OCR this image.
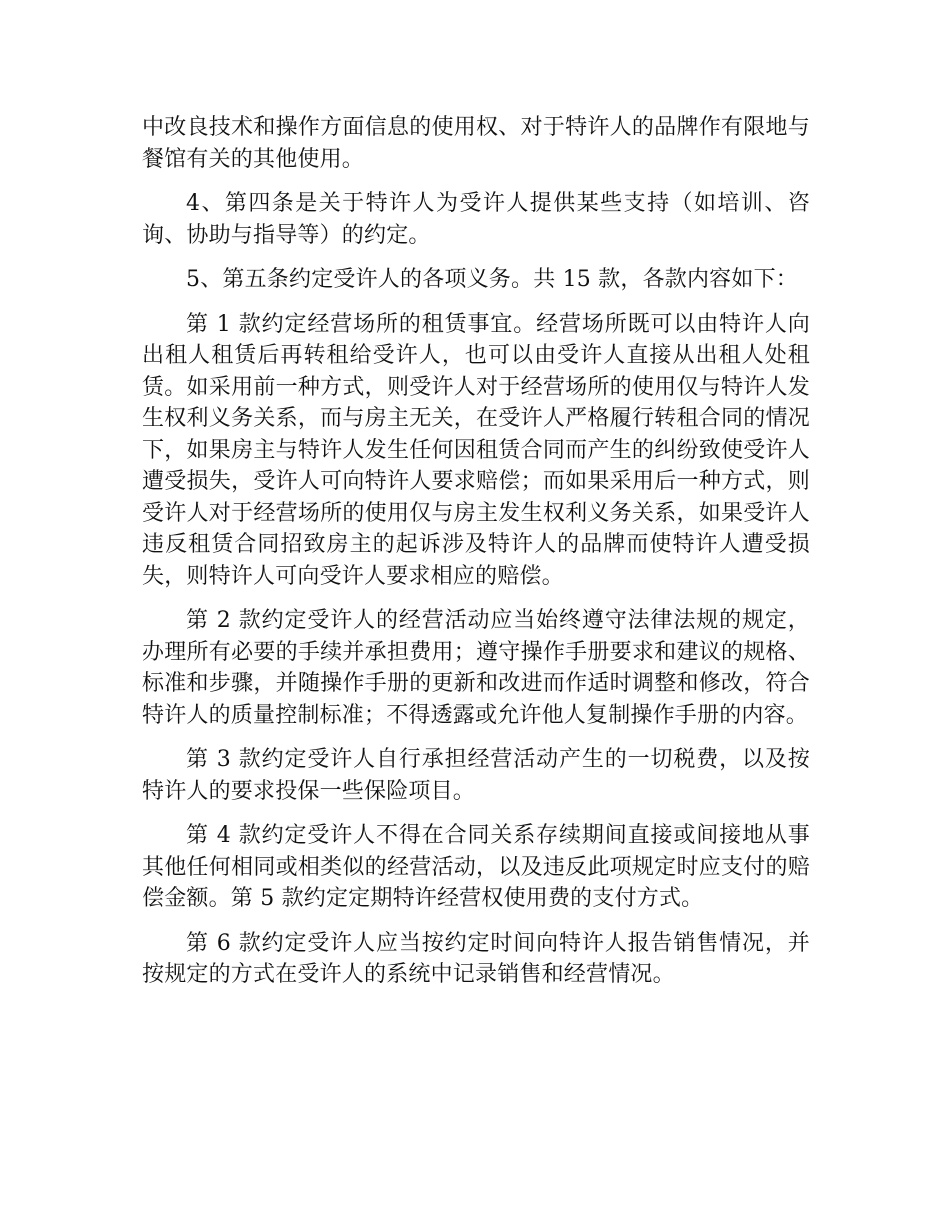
中改良技术和操作方面信息的使用权、对于特许人的品牌作有限地与餐馆有关的其他使用。

4、第四条是关于特许人为受许人提供某些支持（如培训、咨询、协助与指导等）的约定。

5、第五条约定受许人的各项义务。共 15 款，各款内容如下：

第 1 款约定经营场所的租赁事宜。经营场所既可以由特许人向出租人租赁后再转租给受许人，也可以由受许人直接从出租人处租赁。如采用前一种方式，则受许人对于经营场所的使用仅与特许人发生权利义务关系，而与房主无关，在受许人严格履行转租合同的情况下，如果房主与特许人发生任何因租赁合同而产生的纠纷致使受许人遭受损失，受许人可向特许人要求赔偿；而如果采用后一种方式，则受许人对于经营场所的使用仅与房主发生权利义务关系，如果受许人违反租赁合同招致房主的起诉涉及特许人的品牌而使特许人遭受损失，则特许人可向受许人要求相应的赔偿。

第 2 款约定受许人的经营活动应当始终遵守法律法规的规定，办理所有必要的手续并承担费用；遵守操作手册要求和建议的规格、标准和步骤，并随操作手册的更新和改进而作适时调整和修改，符合特许人的质量控制标准；不得透露或允许他人复制操作手册的内容。

第 3 款约定受许人自行承担经营活动产生的一切税费，以及按特许人的要求投保一些保险项目。

第 4 款约定受许人不得在合同关系存续期间直接或间接地从事其他任何相同或相类似的经营活动，以及违反此项规定时应支付的赔偿金额。第 5 款约定定期特许经营权使用费的支付方式。

第 6 款约定受许人应当按约定时间向特许人报告销售情况，并按规定的方式在受许人的系统中记录销售和经营情况。
